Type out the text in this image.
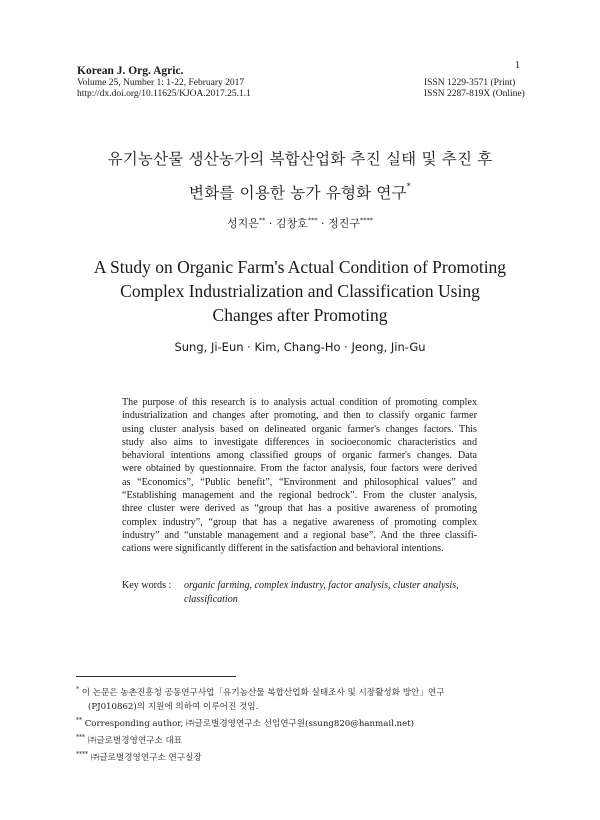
1
Korean J. Org. Agric.
Volume 25, Number 1: 1-22, February 2017
http://dx.doi.org/10.11625/KJOA.2017.25.1.1
ISSN 1229-3571 (Print)
ISSN 2287-819X (Online)
유기농산물 생산농가의 복합산업화 추진 실태 및 추진 후
변화를 이용한 농가 유형화 연구*
성지은** · 김창호*** · 정진구****
A Study on Organic Farm's Actual Condition of Promoting
Complex Industrialization and Classification Using
Changes after Promoting
Sung, Ji-Eun · Kim, Chang-Ho · Jeong, Jin-Gu
The purpose of this research is to analysis actual condition of promoting complex
industrialization and changes after promoting, and then to classify organic farmer
using cluster analysis based on delineated organic farmer's changes factors. This
study also aims to investigate differences in socioeconomic characteristics and
behavioral intentions among classified groups of organic farmer's changes. Data
were obtained by questionnaire. From the factor analysis, four factors were derived
as “Economics”, “Public benefit”, “Environment and philosophical values” and
“Establishing management and the regional bedrock”. From the cluster analysis,
three cluster were derived as “group that has a positive awareness of promoting
complex industry”, “group that has a negative awareness of promoting complex
industry” and “unstable management and a regional base”. And the three classifi-
cations were significantly different in the satisfaction and behavioral intentions.
Key words : organic farming, complex industry, factor analysis, cluster analysis,
classification
* 이 논문은 농촌진흥청 공동연구사업「유기농산물 복합산업화 실태조사 및 시장활성화 방안」연구
(PJ010862)의 지원에 의하여 이루어진 것임.
** Corresponding author, ㈜글로벌경영연구소 선임연구원(ssung820@hanmail.net)
*** ㈜글로벌경영연구소 대표
**** ㈜글로벌경영연구소 연구실장
